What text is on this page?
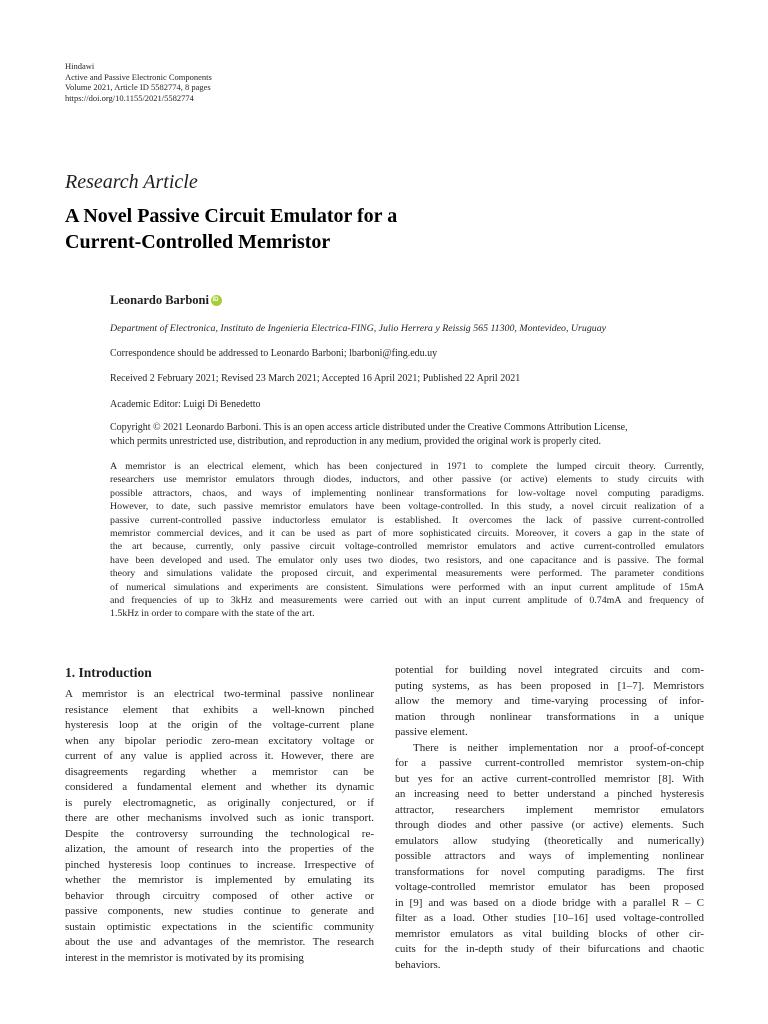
Hindawi
Active and Passive Electronic Components
Volume 2021, Article ID 5582774, 8 pages
https://doi.org/10.1155/2021/5582774
Research Article
A Novel Passive Circuit Emulator for a
Current-Controlled Memristor
Leonardo Barboni
iD
Department of Electronica, Instituto de Ingenieria Electrica-FING, Julio Herrera y Reissig 565 11300, Montevideo, Uruguay
Correspondence should be addressed to Leonardo Barboni; lbarboni@fing.edu.uy
Received 2 February 2021; Revised 23 March 2021; Accepted 16 April 2021; Published 22 April 2021
Academic Editor: Luigi Di Benedetto
Copyright © 2021 Leonardo Barboni. This is an open access article distributed under the Creative Commons Attribution License,
which permits unrestricted use, distribution, and reproduction in any medium, provided the original work is properly cited.
A memristor is an electrical element, which has been conjectured in 1971 to complete the lumped circuit theory. Currently,
researchers use memristor emulators through diodes, inductors, and other passive (or active) elements to study circuits with
possible attractors, chaos, and ways of implementing nonlinear transformations for low-voltage novel computing paradigms.
However, to date, such passive memristor emulators have been voltage-controlled. In this study, a novel circuit realization of a
passive current-controlled passive inductorless emulator is established. It overcomes the lack of passive current-controlled
memristor commercial devices, and it can be used as part of more sophisticated circuits. Moreover, it covers a gap in the state of
the art because, currently, only passive circuit voltage-controlled memristor emulators and active current-controlled emulators
have been developed and used. The emulator only uses two diodes, two resistors, and one capacitance and is passive. The formal
theory and simulations validate the proposed circuit, and experimental measurements were performed. The parameter conditions
of numerical simulations and experiments are consistent. Simulations were performed with an input current amplitude of 15mA
and frequencies of up to 3kHz and measurements were carried out with an input current amplitude of 0.74mA and frequency of
1.5kHz in order to compare with the state of the art.
1. Introduction
A memristor is an electrical two-terminal passive nonlinear
resistance element that exhibits a well-known pinched
hysteresis loop at the origin of the voltage-current plane
when any bipolar periodic zero-mean excitatory voltage or
current of any value is applied across it. However, there are
disagreements regarding whether a memristor can be
considered a fundamental element and whether its dynamic
is purely electromagnetic, as originally conjectured, or if
there are other mechanisms involved such as ionic transport.
Despite the controversy surrounding the technological re-
alization, the amount of research into the properties of the
pinched hysteresis loop continues to increase. Irrespective of
whether the memristor is implemented by emulating its
behavior through circuitry composed of other active or
passive components, new studies continue to generate and
sustain optimistic expectations in the scientific community
about the use and advantages of the memristor. The research
interest in the memristor is motivated by its promising
potential for building novel integrated circuits and com-
puting systems, as has been proposed in [1–7]. Memristors
allow the memory and time-varying processing of infor-
mation through nonlinear transformations in a unique
passive element.
There is neither implementation nor a proof-of-concept
for a passive current-controlled memristor system-on-chip
but yes for an active current-controlled memristor [8]. With
an increasing need to better understand a pinched hysteresis
attractor, researchers implement memristor emulators
through diodes and other passive (or active) elements. Such
emulators allow studying (theoretically and numerically)
possible attractors and ways of implementing nonlinear
transformations for novel computing paradigms. The first
voltage-controlled memristor emulator has been proposed
in [9] and was based on a diode bridge with a parallel R – C
filter as a load. Other studies [10–16] used voltage-controlled
memristor emulators as vital building blocks of other cir-
cuits for the in-depth study of their bifurcations and chaotic
behaviors.
